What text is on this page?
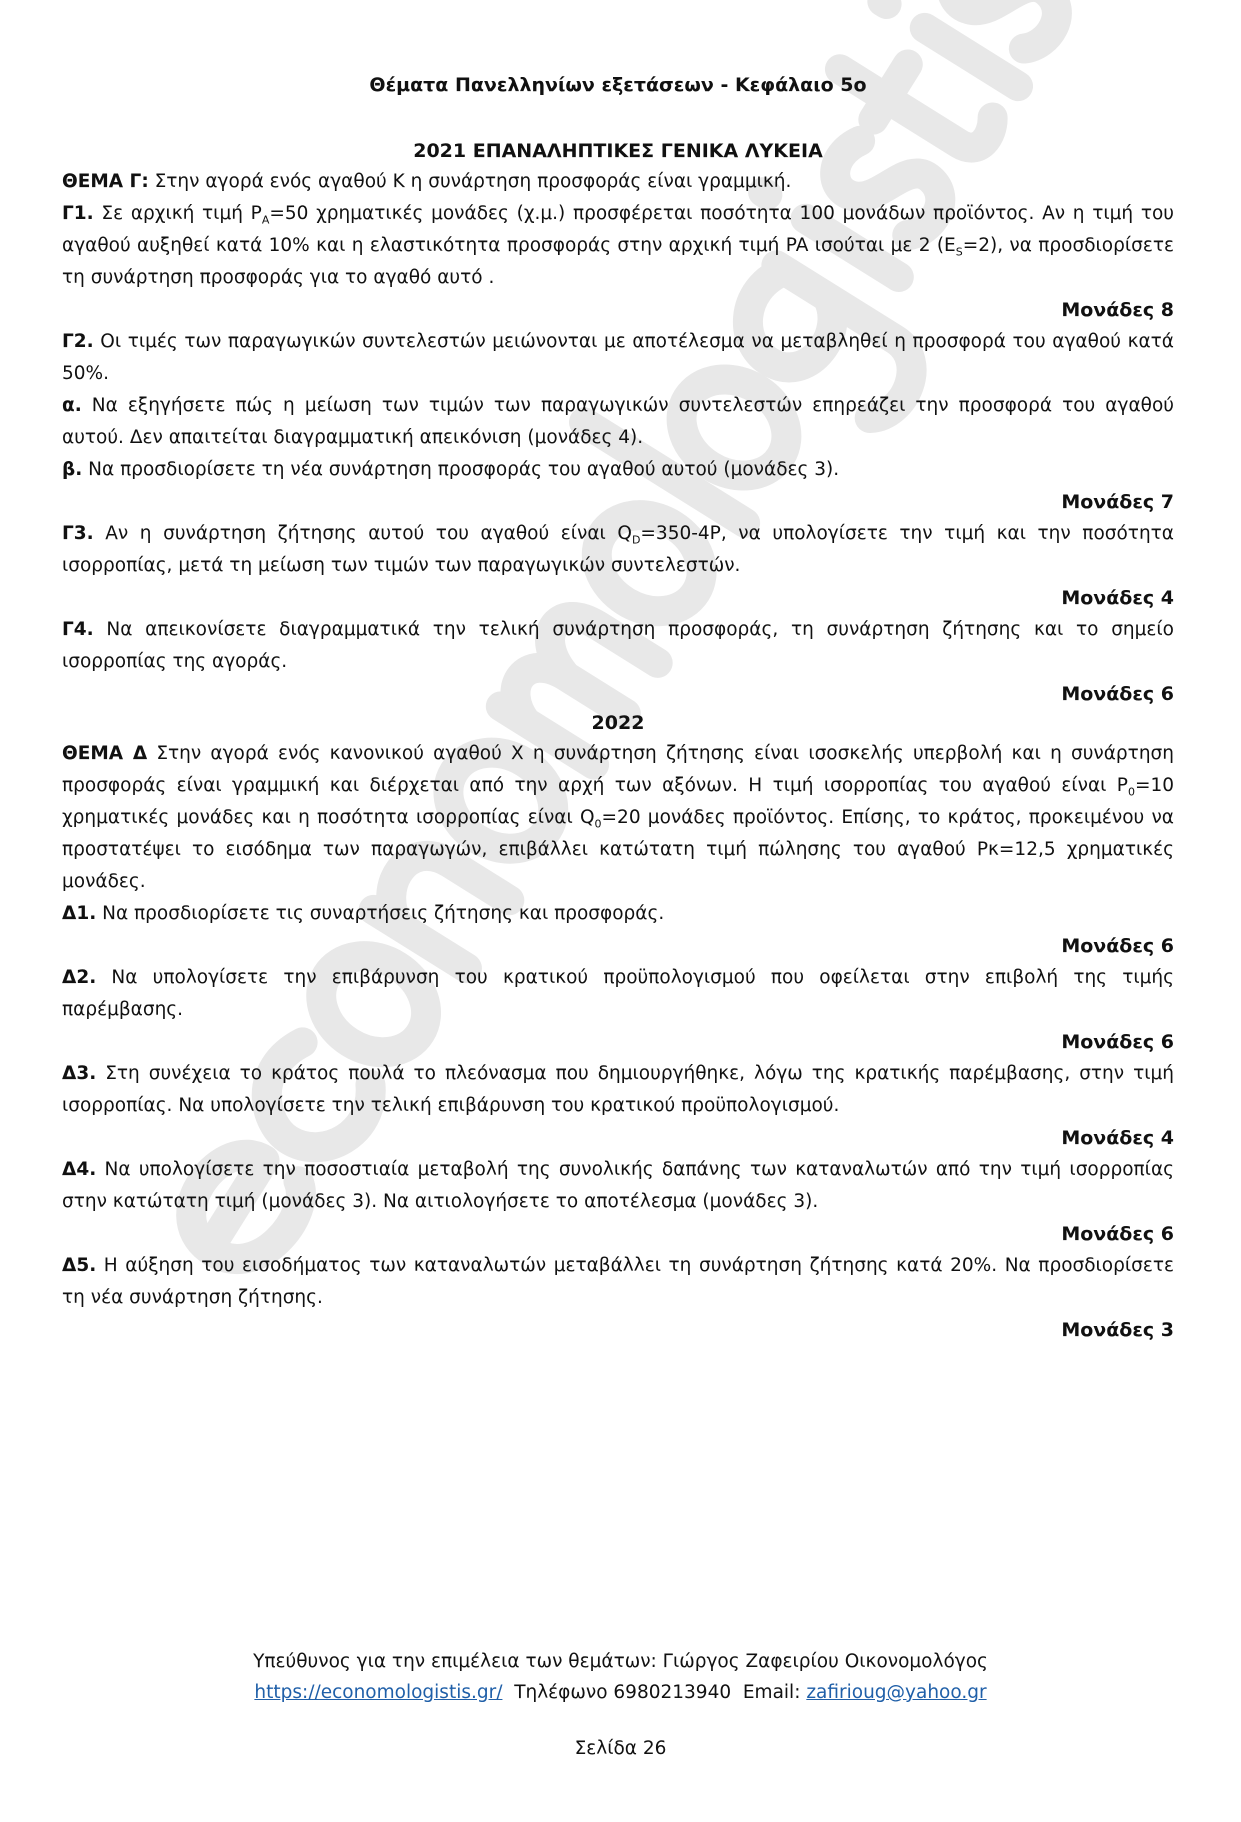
Θέματα Πανελληνίων εξετάσεων - Κεφάλαιο 5ο
2021 ΕΠΑΝΑΛΗΠΤΙΚΕΣ ΓΕΝΙΚΑ ΛΥΚΕΙΑ

ΘΕΜΑ Γ: Στην αγορά ενός αγαθού Κ η συνάρτηση προσφοράς είναι γραμμική.

Γ1. Σε αρχική τιμή $P_A=50$ χρηματικές μονάδες (χ.μ.) προσφέρεται ποσότητα 100 μονάδων προϊόντος. Αν η τιμή του αγαθού αυξηθεί κατά 10% και η ελαστικότητα προσφοράς στην αρχική τιμή PA ισούται με 2 $(E_S=2)$, να προσδιορίσετε τη συνάρτηση προσφοράς για το αγαθό αυτό .

Μονάδες 8

Γ2. Οι τιμές των παραγωγικών συντελεστών μειώνονται με αποτέλεσμα να μεταβληθεί η προσφορά του αγαθού κατά 50%.

α. Να εξηγήσετε πώς η μείωση των τιμών των παραγωγικών συντελεστών επηρεάζει την προσφορά του αγαθού αυτού. Δεν απαιτείται διαγραμματική απεικόνιση (μονάδες 4).

β. Να προσδιορίσετε τη νέα συνάρτηση προσφοράς του αγαθού αυτού (μονάδες 3).

Μονάδες 7

Γ3. Αν η συνάρτηση ζήτησης αυτού του αγαθού είναι $Q_D=350-4P$, να υπολογίσετε την τιμή και την ποσότητα ισορροπίας, μετά τη μείωση των τιμών των παραγωγικών συντελεστών.

Μονάδες 4

Γ4. Να απεικονίσετε διαγραμματικά την τελική συνάρτηση προσφοράς, τη συνάρτηση ζήτησης και το σημείο ισορροπίας της αγοράς.

Μονάδες 6
2022

ΘΕΜΑ Δ Στην αγορά ενός κανονικού αγαθού Χ η συνάρτηση ζήτησης είναι ισοσκελής υπερβολή και η συνάρτηση προσφοράς είναι γραμμική και διέρχεται από την αρχή των αξόνων. Η τιμή ισορροπίας του αγαθού είναι $P_0=10$ χρηματικές μονάδες και η ποσότητα ισορροπίας είναι $Q_0=20$ μονάδες προϊόντος. Επίσης, το κράτος, προκειμένου να προστατέψει το εισόδημα των παραγωγών, επιβάλλει κατώτατη τιμή πώλησης του αγαθού Ρκ=12,5 χρηματικές μονάδες.

Δ1. Να προσδιορίσετε τις συναρτήσεις ζήτησης και προσφοράς.

Μονάδες 6

Δ2. Να υπολογίσετε την επιβάρυνση του κρατικού προϋπολογισμού που οφείλεται στην επιβολή της τιμής παρέμβασης.

Μονάδες 6

Δ3. Στη συνέχεια το κράτος πουλά το πλεόνασμα που δημιουργήθηκε, λόγω της κρατικής παρέμβασης, στην τιμή ισορροπίας. Να υπολογίσετε την τελική επιβάρυνση του κρατικού προϋπολογισμού.

Μονάδες 4

Δ4. Να υπολογίσετε την ποσοστιαία μεταβολή της συνολικής δαπάνης των καταναλωτών από την τιμή ισορροπίας στην κατώτατη τιμή (μονάδες 3). Να αιτιολογήσετε το αποτέλεσμα (μονάδες 3).

Μονάδες 6

Δ5. Η αύξηση του εισοδήματος των καταναλωτών μεταβάλλει τη συνάρτηση ζήτησης κατά 20%. Να προσδιορίσετε τη νέα συνάρτηση ζήτησης.

Μονάδες 3
Υπεύθυνος για την επιμέλεια των θεμάτων: Γιώργος Ζαφειρίου Οικονομολόγος
https://economologistis.gr/  Τηλέφωνο 6980213940  Email: zafirioug@yahoo.gr
Σελίδα 26
